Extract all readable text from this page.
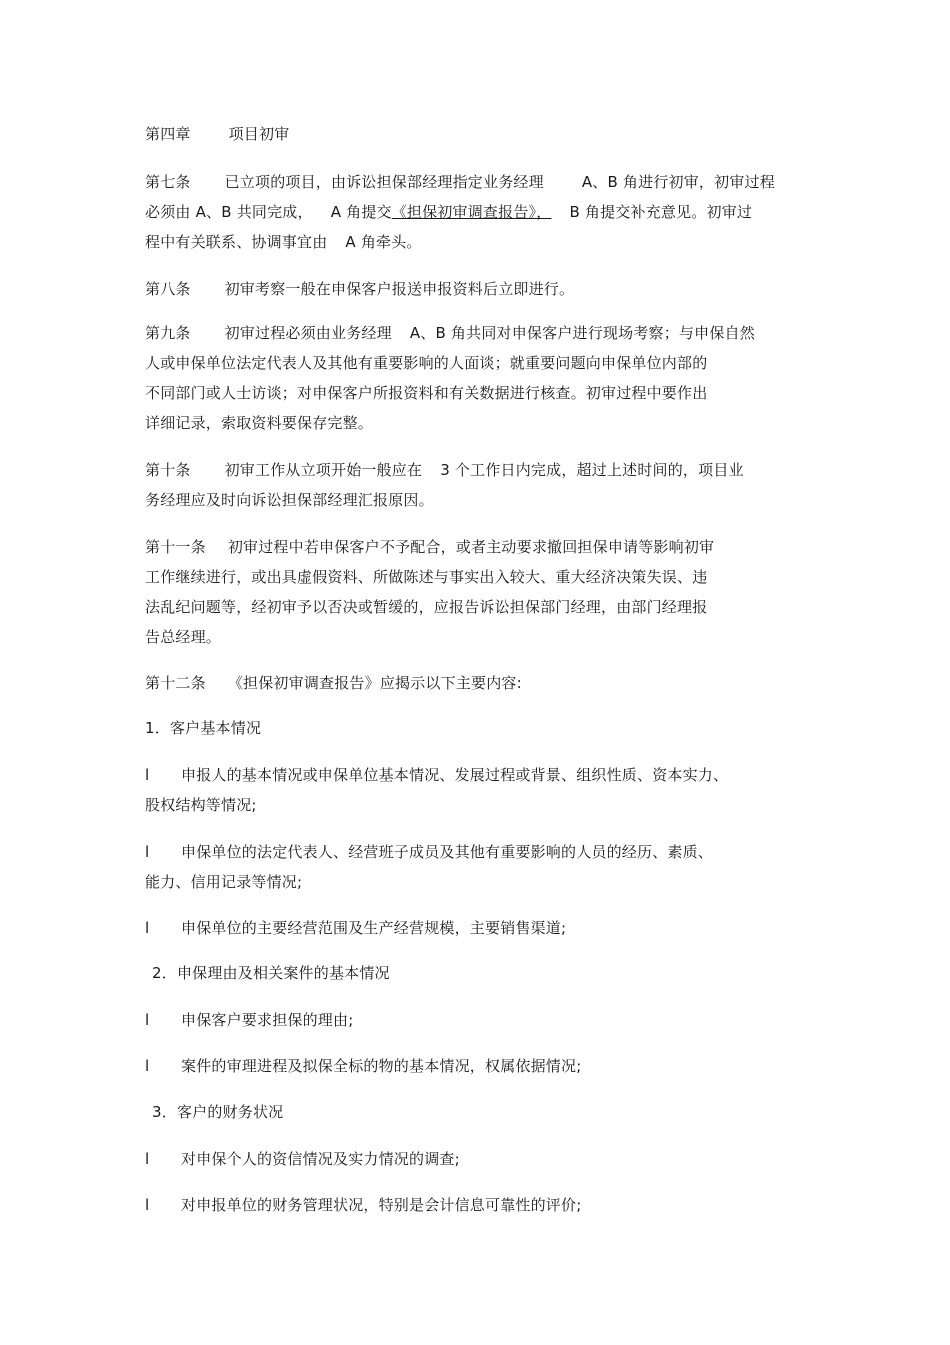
第四章	项目初审

第七条 已立项的项目，由诉讼担保部经理指定业务经理	A、B 角进行初审，初审过程

必须由 A、B 共同完成， A 角提交《担保初审调查报告》， B 角提交补充意见。初审过

程中有关联系、协调事宜由 A 角牵头。

第八条 初审考察一般在申保客户报送申报资料后立即进行。

第九条 初审过程必须由业务经理 A、B 角共同对申保客户进行现场考察；与申保自然

人或申保单位法定代表人及其他有重要影响的人面谈；就重要问题向申保单位内部的

不同部门或人士访谈；对申保客户所报资料和有关数据进行核查。初审过程中要作出

详细记录，索取资料要保存完整。

第十条 初审工作从立项开始一般应在 3 个工作日内完成，超过上述时间的，项目业

务经理应及时向诉讼担保部经理汇报原因。

第十一条 初审过程中若申保客户不予配合，或者主动要求撤回担保申请等影响初审

工作继续进行，或出具虚假资料、所做陈述与事实出入较大、重大经济决策失误、违

法乱纪问题等，经初审予以否决或暂缓的，应报告诉讼担保部门经理，由部门经理报

告总经理。

第十二条 《担保初审调查报告》应揭示以下主要内容:

1．客户基本情况

l 申报人的基本情况或申保单位基本情况、发展过程或背景、组织性质、资本实力、

股权结构等情况;

l 申保单位的法定代表人、经营班子成员及其他有重要影响的人员的经历、素质、

能力、信用记录等情况;

l 申保单位的主要经营范围及生产经营规模，主要销售渠道;

2．申保理由及相关案件的基本情况

l 申保客户要求担保的理由;

l 案件的审理进程及拟保全标的物的基本情况，权属依据情况;

3．客户的财务状况

l 对申保个人的资信情况及实力情况的调查;

l 对申报单位的财务管理状况，特别是会计信息可靠性的评价;
